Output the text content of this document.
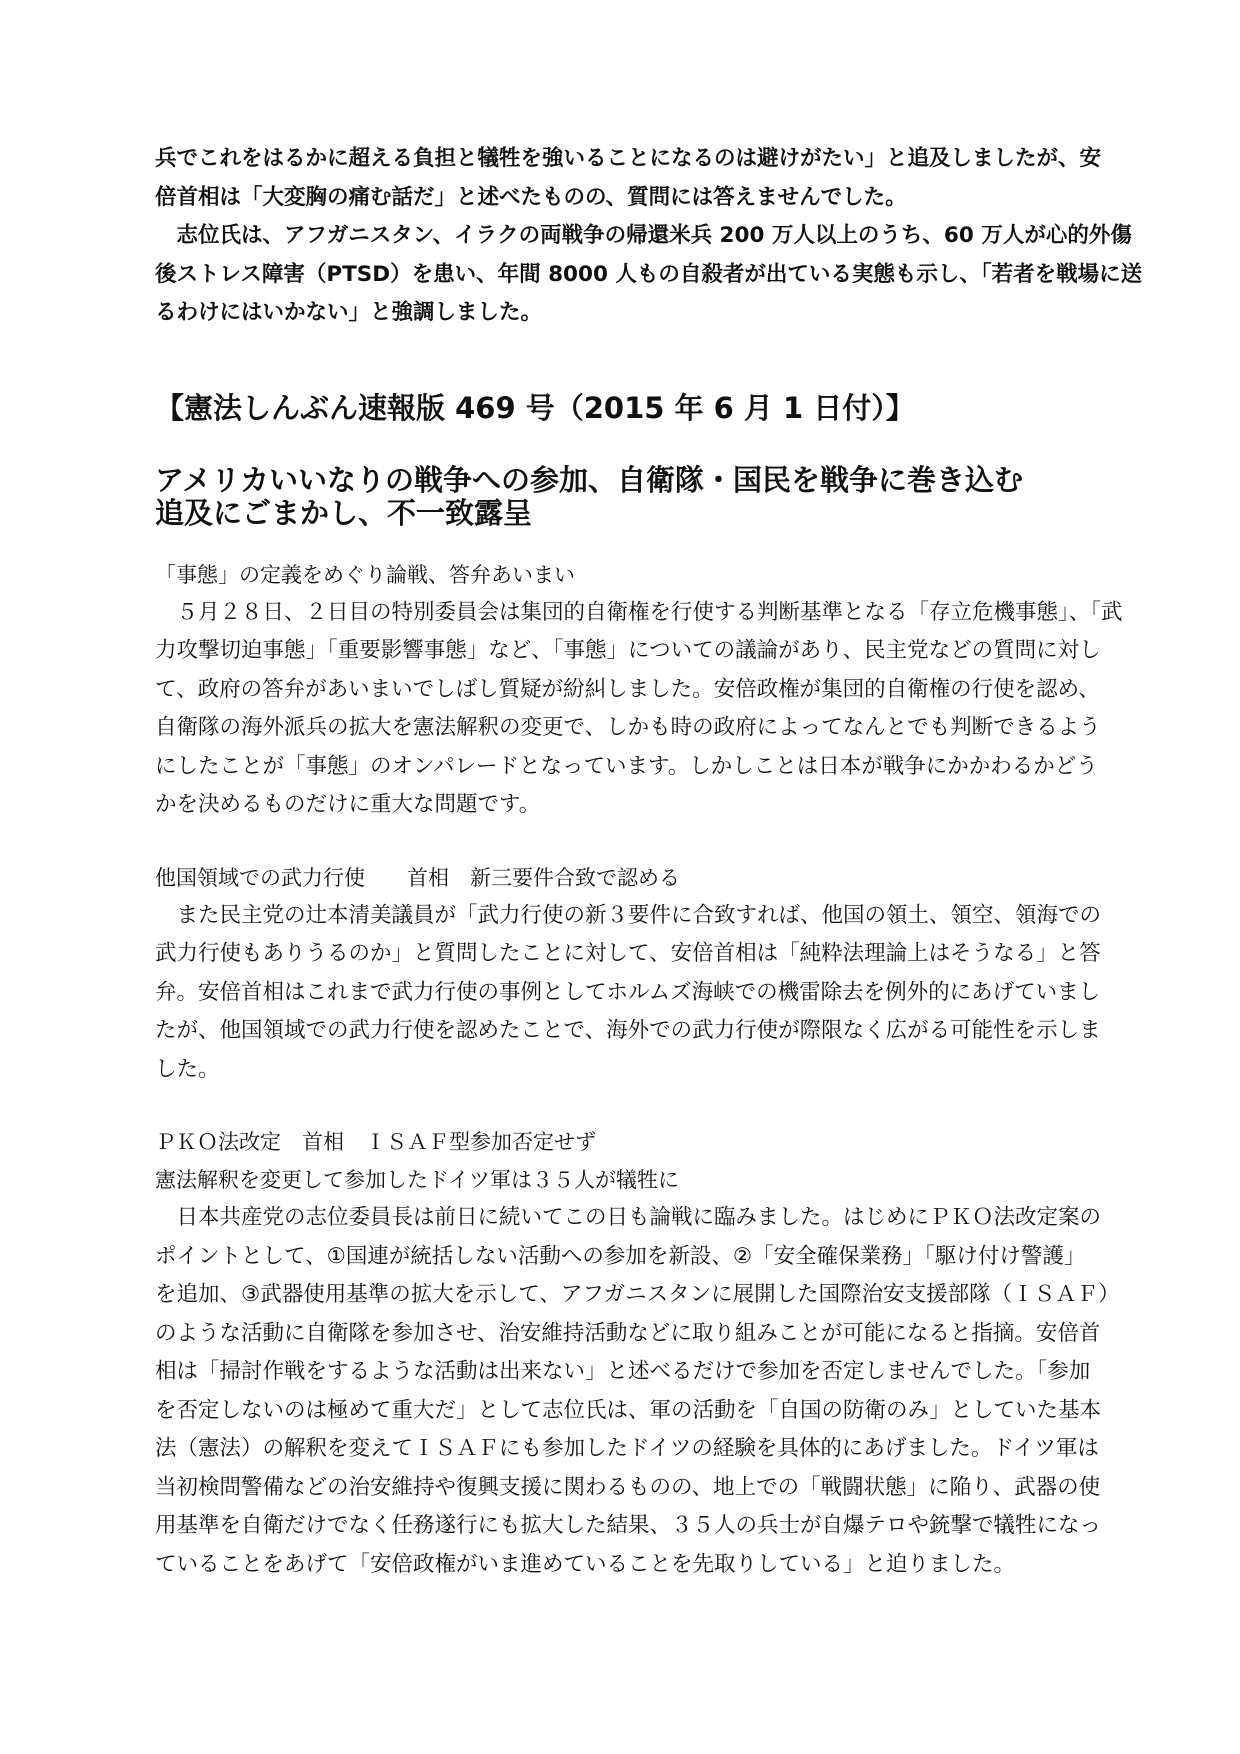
兵でこれをはるかに超える負担と犠牲を強いることになるのは避けがたい」と追及しましたが、安
倍首相は「大変胸の痛む話だ」と述べたものの、質問には答えませんでした。

　志位氏は、アフガニスタン、イラクの両戦争の帰還米兵 200 万人以上のうち、60 万人が心的外傷
後ストレス障害（PTSD）を患い、年間 8000 人もの自殺者が出ている実態も示し、「若者を戦場に送
るわけにはいかない」と強調しました。

【憲法しんぶん速報版 469 号（2015 年 6 月 1 日付）】
アメリカいいなりの戦争への参加、自衛隊・国民を戦争に巻き込む
追及にごまかし、不一致露呈
「事態」の定義をめぐり論戦、答弁あいまい
　５月２８日、２日目の特別委員会は集団的自衛権を行使する判断基準となる「存立危機事態」、「武
力攻撃切迫事態」「重要影響事態」など、「事態」についての議論があり、民主党などの質問に対し
て、政府の答弁があいまいでしばし質疑が紛糾しました。安倍政権が集団的自衛権の行使を認め、
自衛隊の海外派兵の拡大を憲法解釈の変更で、しかも時の政府によってなんとでも判断できるよう
にしたことが「事態」のオンパレードとなっています。しかしことは日本が戦争にかかわるかどう
かを決めるものだけに重大な問題です。
他国領域での武力行使　　首相　新三要件合致で認める
　また民主党の辻本清美議員が「武力行使の新３要件に合致すれば、他国の領土、領空、領海での
武力行使もありうるのか」と質問したことに対して、安倍首相は「純粋法理論上はそうなる」と答
弁。安倍首相はこれまで武力行使の事例としてホルムズ海峡での機雷除去を例外的にあげていまし
たが、他国領域での武力行使を認めたことで、海外での武力行使が際限なく広がる可能性を示しま
した。
ＰＫＯ法改定　首相　ＩＳＡＦ型参加否定せず
憲法解釈を変更して参加したドイツ軍は３５人が犠牲に
　日本共産党の志位委員長は前日に続いてこの日も論戦に臨みました。はじめにＰＫＯ法改定案の
ポイントとして、①国連が統括しない活動への参加を新設、②「安全確保業務」「駆け付け警護」
を追加、③武器使用基準の拡大を示して、アフガニスタンに展開した国際治安支援部隊（ＩＳＡＦ）
のような活動に自衛隊を参加させ、治安維持活動などに取り組みことが可能になると指摘。安倍首
相は「掃討作戦をするような活動は出来ない」と述べるだけで参加を否定しませんでした。「参加
を否定しないのは極めて重大だ」として志位氏は、軍の活動を「自国の防衛のみ」としていた基本
法（憲法）の解釈を変えてＩＳＡＦにも参加したドイツの経験を具体的にあげました。ドイツ軍は
当初検問警備などの治安維持や復興支援に関わるものの、地上での「戦闘状態」に陥り、武器の使
用基準を自衛だけでなく任務遂行にも拡大した結果、３５人の兵士が自爆テロや銃撃で犠牲になっ
ていることをあげて「安倍政権がいま進めていることを先取りしている」と迫りました。
